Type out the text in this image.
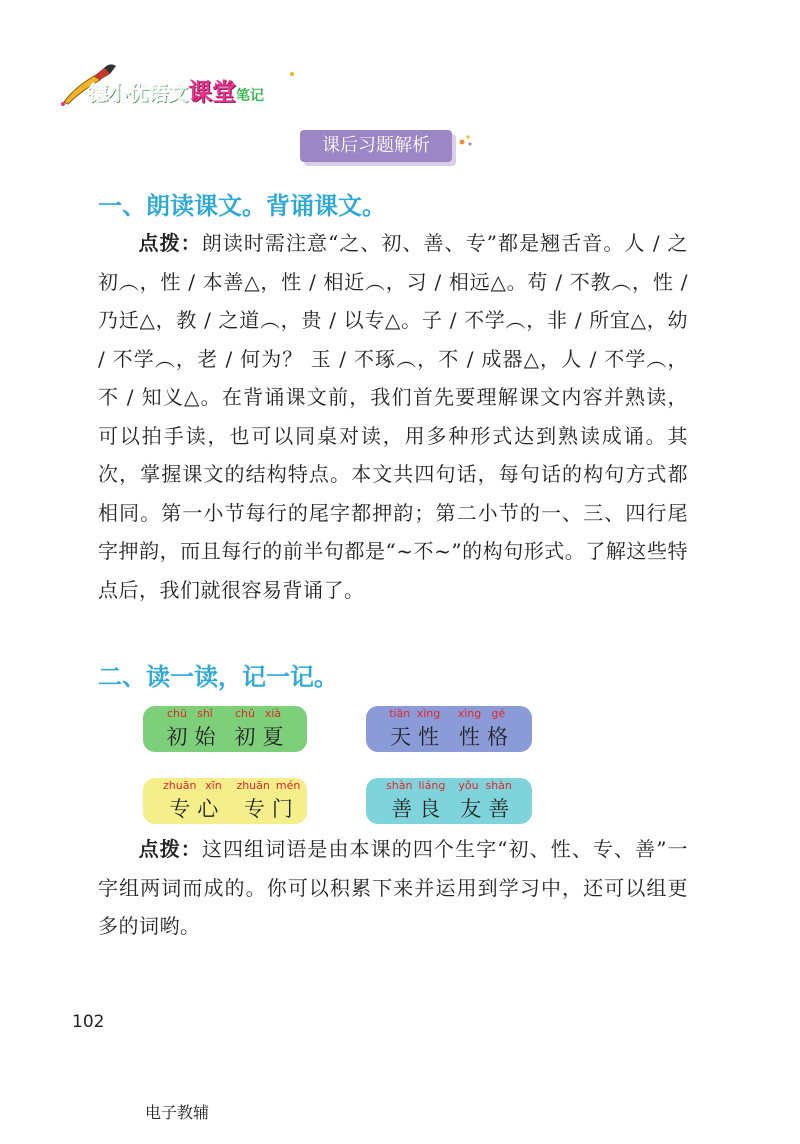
德小优语文课堂笔记
课后习题解析
一、朗读课文。背诵课文。
点拨：朗读时需注意“之、初、善、专”都是翘舌音。人 / 之初︵，性 / 本善△，性 / 相近︵，习 / 相远△。苟 / 不教︵，性 / 乃迁△，教 / 之道︵，贵 / 以专△。子 / 不学︵，非 / 所宜△，幼 / 不学︵，老 / 何为？ 玉 / 不琢︵，不 / 成器△，人 / 不学︵，不 / 知义△。在背诵课文前，我们首先要理解课文内容并熟读，可以拍手读，也可以同桌对读，用多种形式达到熟读成诵。其次，掌握课文的结构特点。本文共四句话，每句话的构句方式都相同。第一小节每行的尾字都押韵；第二小节的一、三、四行尾字押韵，而且每行的前半句都是“~不~”的构句形式。了解这些特点后，我们就很容易背诵了。
二、读一读，记一记。
chū shǐ
初 始
chū xià
初 夏
tiān xìng
天 性
xìng gé
性 格
zhuān xīn
专 心
zhuān mén
专 门
shàn liáng
善 良
yǒu shàn
友 善
点拨：这四组词语是由本课的四个生字“初、性、专、善”一字组两词而成的。你可以积累下来并运用到学习中，还可以组更多的词哟。
102
电子教辅
